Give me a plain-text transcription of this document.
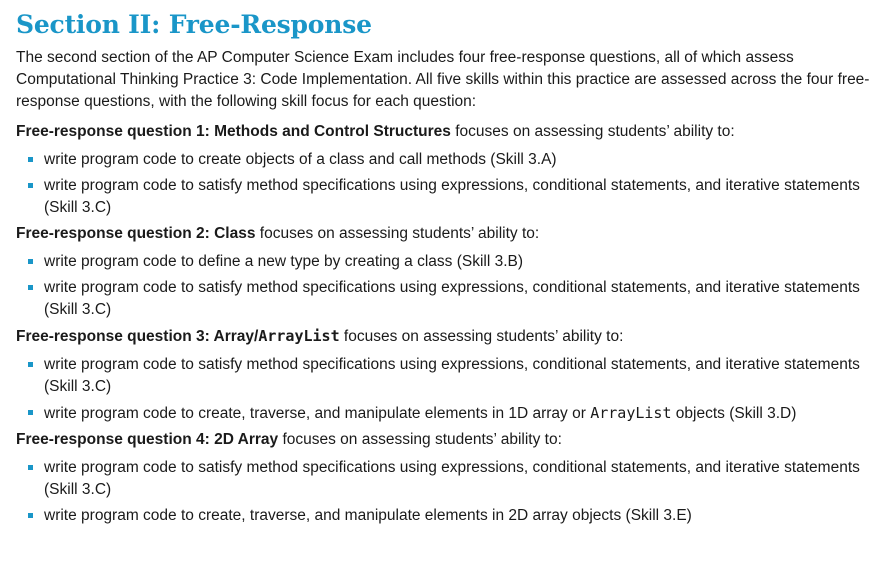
Section II: Free-Response

The second section of the AP Computer Science Exam includes four free-response questions, all of which assess Computational Thinking Practice 3: Code Implementation. All five skills within this practice are assessed across the four free-response questions, with the following skill focus for each question:

Free-response question 1: Methods and Control Structures focuses on assessing students’ ability to:

write program code to create objects of a class and call methods (Skill 3.A)
write program code to satisfy method specifications using expressions, conditional statements, and iterative statements (Skill 3.C)

Free-response question 2: Class focuses on assessing students’ ability to:

write program code to define a new type by creating a class (Skill 3.B)
write program code to satisfy method specifications using expressions, conditional statements, and iterative statements (Skill 3.C)

Free-response question 3: Array/ArrayList focuses on assessing students’ ability to:

write program code to satisfy method specifications using expressions, conditional statements, and iterative statements (Skill 3.C)
write program code to create, traverse, and manipulate elements in 1D array or ArrayList objects (Skill 3.D)

Free-response question 4: 2D Array focuses on assessing students’ ability to:

write program code to satisfy method specifications using expressions, conditional statements, and iterative statements (Skill 3.C)
write program code to create, traverse, and manipulate elements in 2D array objects (Skill 3.E)
